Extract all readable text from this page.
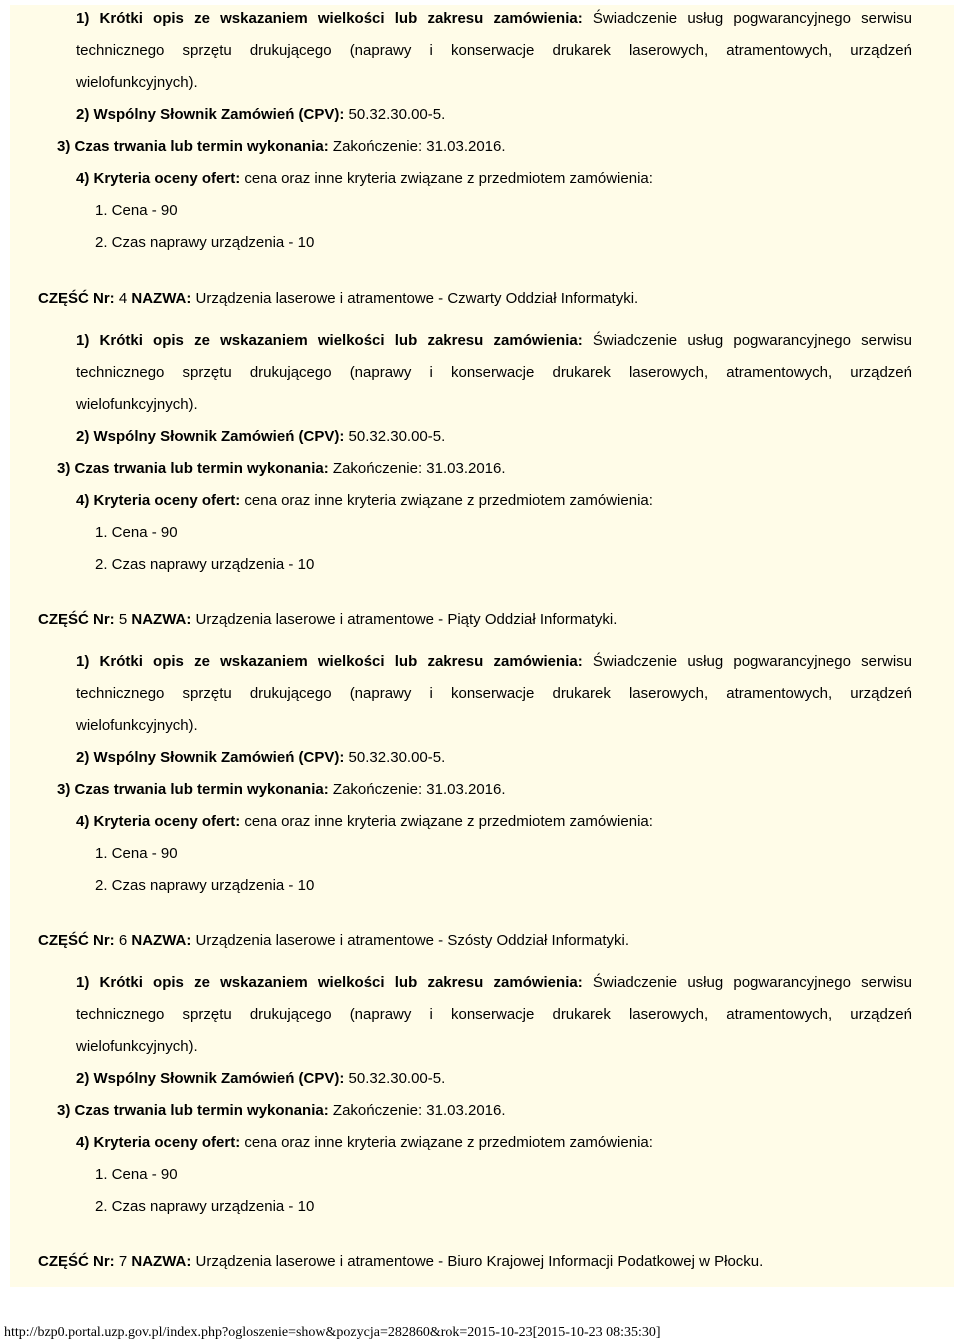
1) Krótki opis ze wskazaniem wielkości lub zakresu zamówienia: Świadczenie usług pogwarancyjnego serwisu
technicznego sprzętu drukującego (naprawy i konserwacje drukarek laserowych, atramentowych, urządzeń
wielofunkcyjnych).
2) Wspólny Słownik Zamówień (CPV): 50.32.30.00-5.
3) Czas trwania lub termin wykonania: Zakończenie: 31.03.2016.
4) Kryteria oceny ofert: cena oraz inne kryteria związane z przedmiotem zamówienia:
1. Cena - 90
2. Czas naprawy urządzenia - 10
CZĘŚĆ Nr: 4 NAZWA: Urządzenia laserowe i atramentowe - Czwarty Oddział Informatyki.
1) Krótki opis ze wskazaniem wielkości lub zakresu zamówienia: Świadczenie usług pogwarancyjnego serwisu
technicznego sprzętu drukującego (naprawy i konserwacje drukarek laserowych, atramentowych, urządzeń
wielofunkcyjnych).
2) Wspólny Słownik Zamówień (CPV): 50.32.30.00-5.
3) Czas trwania lub termin wykonania: Zakończenie: 31.03.2016.
4) Kryteria oceny ofert: cena oraz inne kryteria związane z przedmiotem zamówienia:
1. Cena - 90
2. Czas naprawy urządzenia - 10
CZĘŚĆ Nr: 5 NAZWA: Urządzenia laserowe i atramentowe - Piąty Oddział Informatyki.
1) Krótki opis ze wskazaniem wielkości lub zakresu zamówienia: Świadczenie usług pogwarancyjnego serwisu
technicznego sprzętu drukującego (naprawy i konserwacje drukarek laserowych, atramentowych, urządzeń
wielofunkcyjnych).
2) Wspólny Słownik Zamówień (CPV): 50.32.30.00-5.
3) Czas trwania lub termin wykonania: Zakończenie: 31.03.2016.
4) Kryteria oceny ofert: cena oraz inne kryteria związane z przedmiotem zamówienia:
1. Cena - 90
2. Czas naprawy urządzenia - 10
CZĘŚĆ Nr: 6 NAZWA: Urządzenia laserowe i atramentowe - Szósty Oddział Informatyki.
1) Krótki opis ze wskazaniem wielkości lub zakresu zamówienia: Świadczenie usług pogwarancyjnego serwisu
technicznego sprzętu drukującego (naprawy i konserwacje drukarek laserowych, atramentowych, urządzeń
wielofunkcyjnych).
2) Wspólny Słownik Zamówień (CPV): 50.32.30.00-5.
3) Czas trwania lub termin wykonania: Zakończenie: 31.03.2016.
4) Kryteria oceny ofert: cena oraz inne kryteria związane z przedmiotem zamówienia:
1. Cena - 90
2. Czas naprawy urządzenia - 10
CZĘŚĆ Nr: 7 NAZWA: Urządzenia laserowe i atramentowe - Biuro Krajowej Informacji Podatkowej w Płocku.
http://bzp0.portal.uzp.gov.pl/index.php?ogloszenie=show&pozycja=282860&rok=2015-10-23[2015-10-23 08:35:30]
